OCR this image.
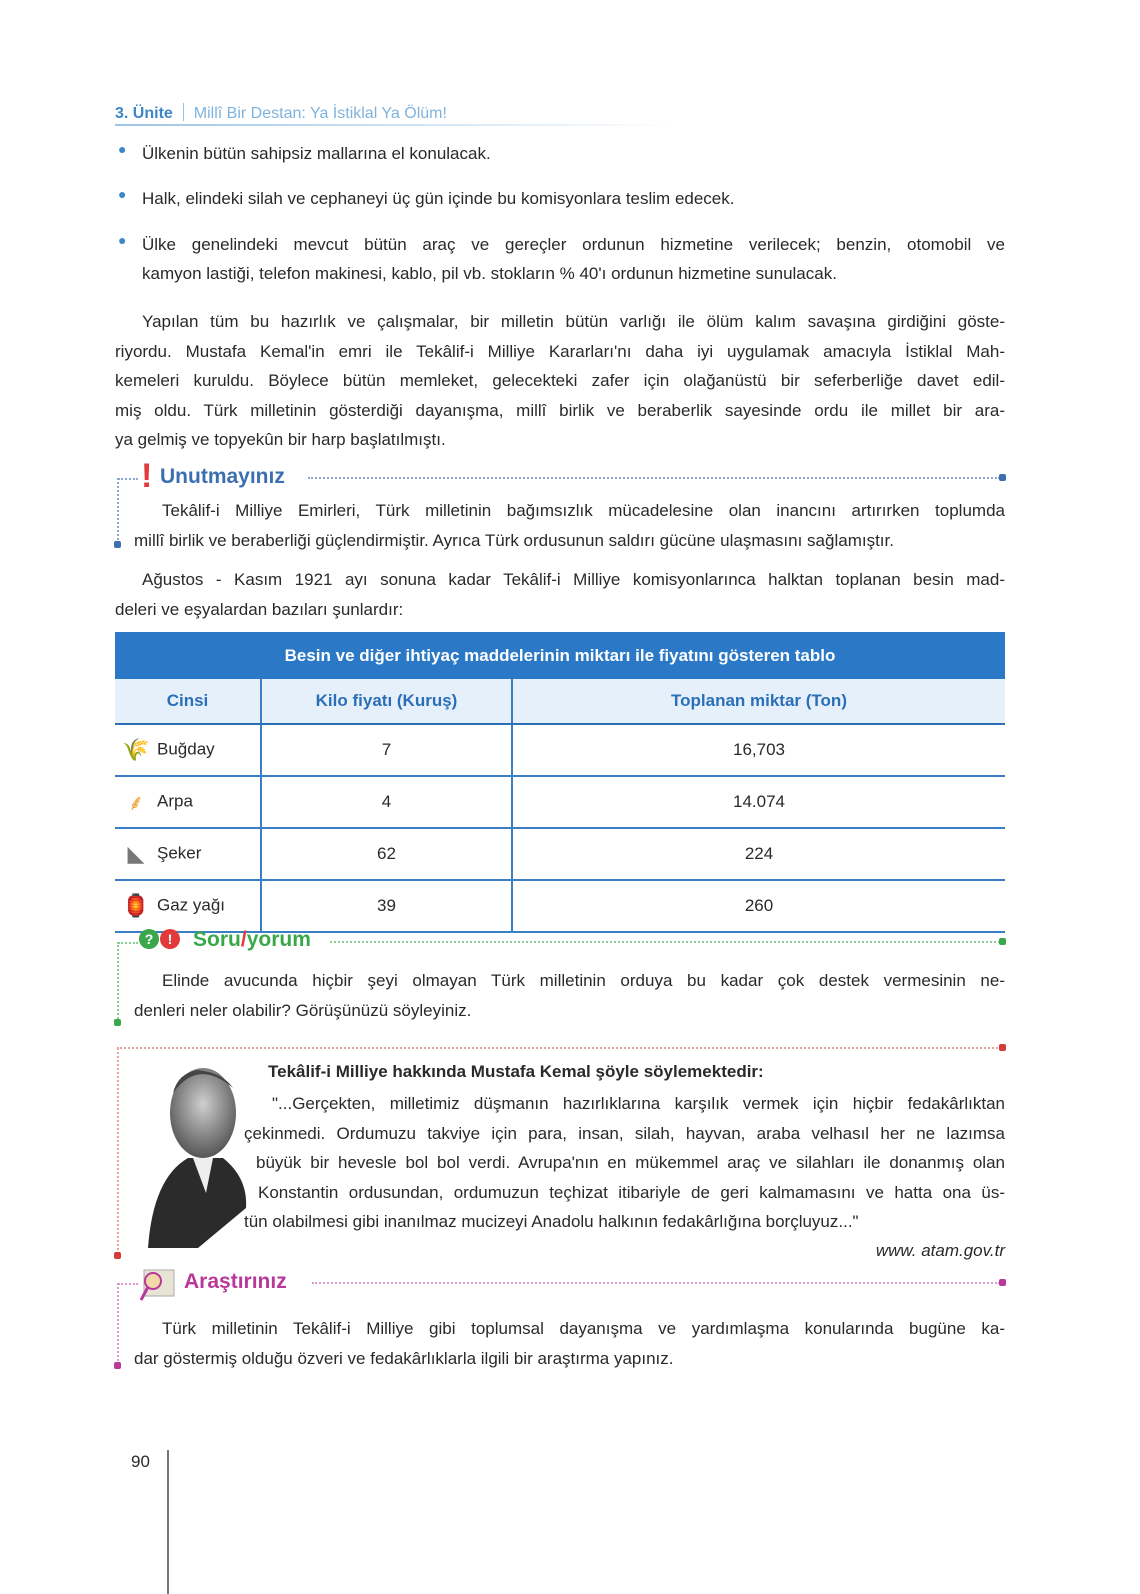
3. Ünite Millî Bir Destan: Ya İstiklal Ya Ölüm!
● Ülkenin bütün sahipsiz mallarına el konulacak.
● Halk, elindeki silah ve cephaneyi üç gün içinde bu komisyonlara teslim edecek.
● Ülke genelindeki mevcut bütün araç ve gereçler ordunun hizmetine verilecek; benzin, otomobil ve
kamyon lastiği, telefon makinesi, kablo, pil vb. stokların % 40'ı ordunun hizmetine sunulacak.
Yapılan tüm bu hazırlık ve çalışmalar, bir milletin bütün varlığı ile ölüm kalım savaşına girdiğini göste-
riyordu. Mustafa Kemal'in emri ile Tekâlif-i Milliye Kararları'nı daha iyi uygulamak amacıyla İstiklal Mah-
kemeleri kuruldu. Böylece bütün memleket, gelecekteki zafer için olağanüstü bir seferberliğe davet edil-
miş oldu. Türk milletinin gösterdiği dayanışma, millî birlik ve beraberlik sayesinde ordu ile millet bir ara-
ya gelmiş ve topyekûn bir harp başlatılmıştı.
! Unutmayınız
Tekâlif-i Milliye Emirleri, Türk milletinin bağımsızlık mücadelesine olan inancını artırırken toplumda
millî birlik ve beraberliği güçlendirmiştir. Ayrıca Türk ordusunun saldırı gücüne ulaşmasını sağlamıştır.
Ağustos - Kasım 1921 ayı sonuna kadar Tekâlif-i Milliye komisyonlarınca halktan toplanan besin mad-
deleri ve eşyalardan bazıları şunlardır:
Besin ve diğer ihtiyaç maddelerinin miktarı ile fiyatını gösteren tablo		
Cinsi	Kilo fiyatı (Kuruş)	Toplanan miktar (Ton)
🌾 Buğday	7	16,703
⸙ Arpa	4	14.074
◣ Şeker	62	224
🏮 Gaz yağı	39	260
? ! Soru/yorum
Elinde avucunda hiçbir şeyi olmayan Türk milletinin orduya bu kadar çok destek vermesinin ne-
denleri neler olabilir? Görüşünüzü söyleyiniz.
Tekâlif-i Milliye hakkında Mustafa Kemal şöyle söylemektedir:
"...Gerçekten, milletimiz düşmanın hazırlıklarına karşılık vermek için hiçbir fedakârlıktan
çekinmedi. Ordumuzu takviye için para, insan, silah, hayvan, araba velhasıl her ne lazımsa
büyük bir hevesle bol bol verdi. Avrupa'nın en mükemmel araç ve silahları ile donanmış olan
Konstantin ordusundan, ordumuzun teçhizat itibariyle de geri kalmamasını ve hatta ona üs-
tün olabilmesi gibi inanılmaz mucizeyi Anadolu halkının fedakârlığına borçluyuz..."
www. atam.gov.tr
Araştırınız
Türk milletinin Tekâlif-i Milliye gibi toplumsal dayanışma ve yardımlaşma konularında bugüne ka-
dar göstermiş olduğu özveri ve fedakârlıklarla ilgili bir araştırma yapınız.
90
